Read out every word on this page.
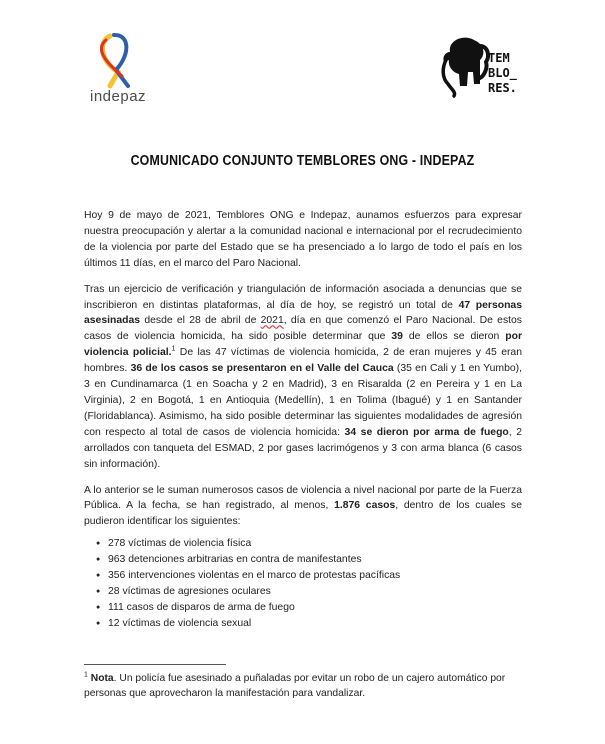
indepaz
TEM
BLO_
RES.
COMUNICADO CONJUNTO TEMBLORES ONG - INDEPAZ

Hoy 9 de mayo de 2021, Temblores ONG e Indepaz, aunamos esfuerzos para expresar nuestra preocupación y alertar a la comunidad nacional e internacional por el recrudecimiento de la violencia por parte del Estado que se ha presenciado a lo largo de todo el país en los últimos 11 días, en el marco del Paro Nacional.

Tras un ejercicio de verificación y triangulación de información asociada a denuncias que se inscribieron en distintas plataformas, al día de hoy, se registró un total de 47 personas asesinadas desde el 28 de abril de 2021, día en que comenzó el Paro Nacional. De estos casos de violencia homicida, ha sido posible determinar que 39 de ellos se dieron por violencia policial.$^1$ De las 47 víctimas de violencia homicida, 2 de eran mujeres y 45 eran hombres. 36 de los casos se presentaron en el Valle del Cauca (35 en Cali y 1 en Yumbo), 3 en Cundinamarca (1 en Soacha y 2 en Madrid), 3 en Risaralda (2 en Pereira y 1 en La Virginia), 2 en Bogotá, 1 en Antioquia (Medellín), 1 en Tolima (Ibagué) y 1 en Santander (Floridablanca). Asimismo, ha sido posible determinar las siguientes modalidades de agresión con respecto al total de casos de violencia homicida: 34 se dieron por arma de fuego, 2 arrollados con tanqueta del ESMAD, 2 por gases lacrimógenos y 3 con arma blanca (6 casos sin información).

A lo anterior se le suman numerosos casos de violencia a nivel nacional por parte de la Fuerza Pública. A la fecha, se han registrado, al menos, 1.876 casos, dentro de los cuales se pudieron identificar los siguientes:

● 278 víctimas de violencia física
● 963 detenciones arbitrarias en contra de manifestantes
● 356 intervenciones violentas en el marco de protestas pacíficas
● 28 víctimas de agresiones oculares
● 111 casos de disparos de arma de fuego
● 12 víctimas de violencia sexual
$^1$ Nota. Un policía fue asesinado a puñaladas por evitar un robo de un cajero automático por personas que aprovecharon la manifestación para vandalizar.
